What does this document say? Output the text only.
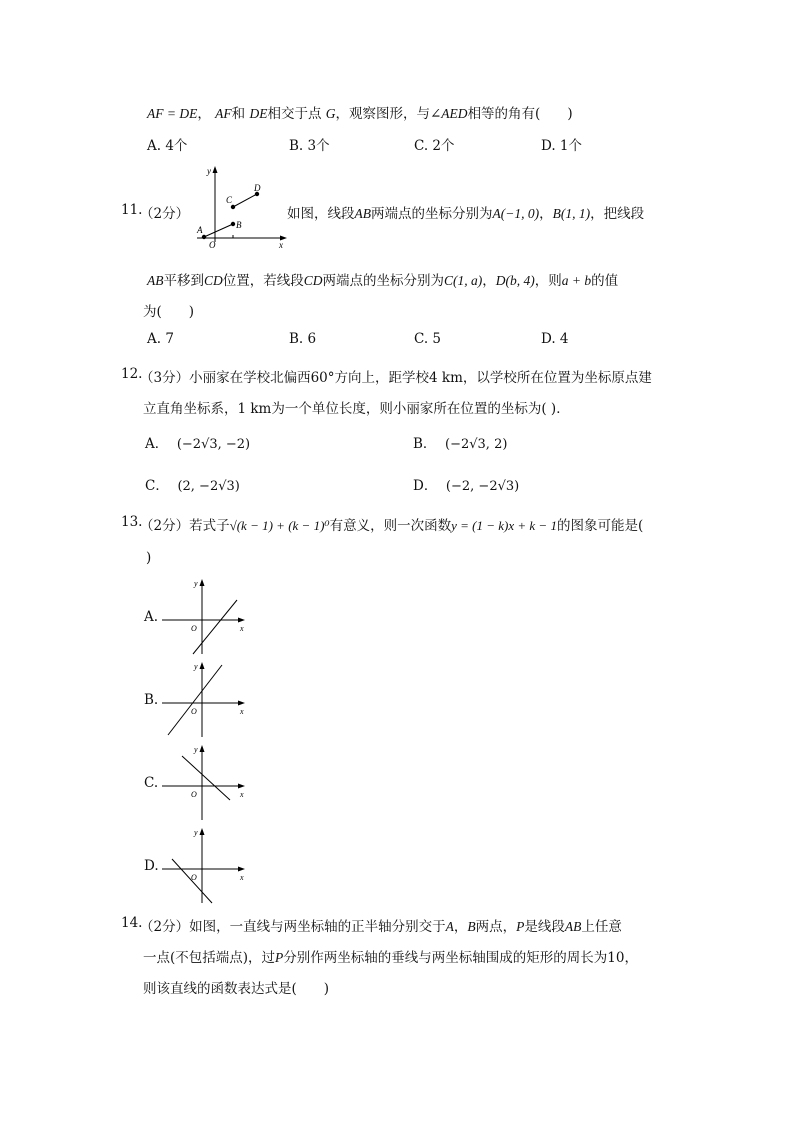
AF = DE， AF和 DE相交于点 G，观察图形，与∠AED相等的角有(　　)
A. 4个	B. 3个	C. 2个	D. 1个
11.
（2分）
y
x
O
A	B
C
D
如图，线段AB两端点的坐标分别为A(−1, 0)，B(1, 1)，把线段
AB平移到CD位置，若线段CD两端点的坐标分别为C(1, a)，D(b, 4)，则a + b的值
为(　　)
A. 7	B. 6	C. 5	D. 4
12.
（3分）小丽家在学校北偏西60°方向上，距学校4 km，以学校所在位置为坐标原点建
立直角坐标系，1 km为一个单位长度，则小丽家所在位置的坐标为( )．
A． (−2√3, −2)	B． (−2√3, 2)
C． (2, −2√3)	D． (−2, −2√3)
13.
（2分）若式子√(k − 1) + (k − 1)⁰有意义，则一次函数y = (1 − k)x + k − 1的图象可能是(
)
A.
y
x
O
B.
y
x
O
C.
y
x
O
D.
y
x
O
14.
（2分）如图，一直线与两坐标轴的正半轴分别交于A，B两点，P是线段AB上任意
一点(不包括端点)，过P分别作两坐标轴的垂线与两坐标轴围成的矩形的周长为10，
则该直线的函数表达式是(　　)
